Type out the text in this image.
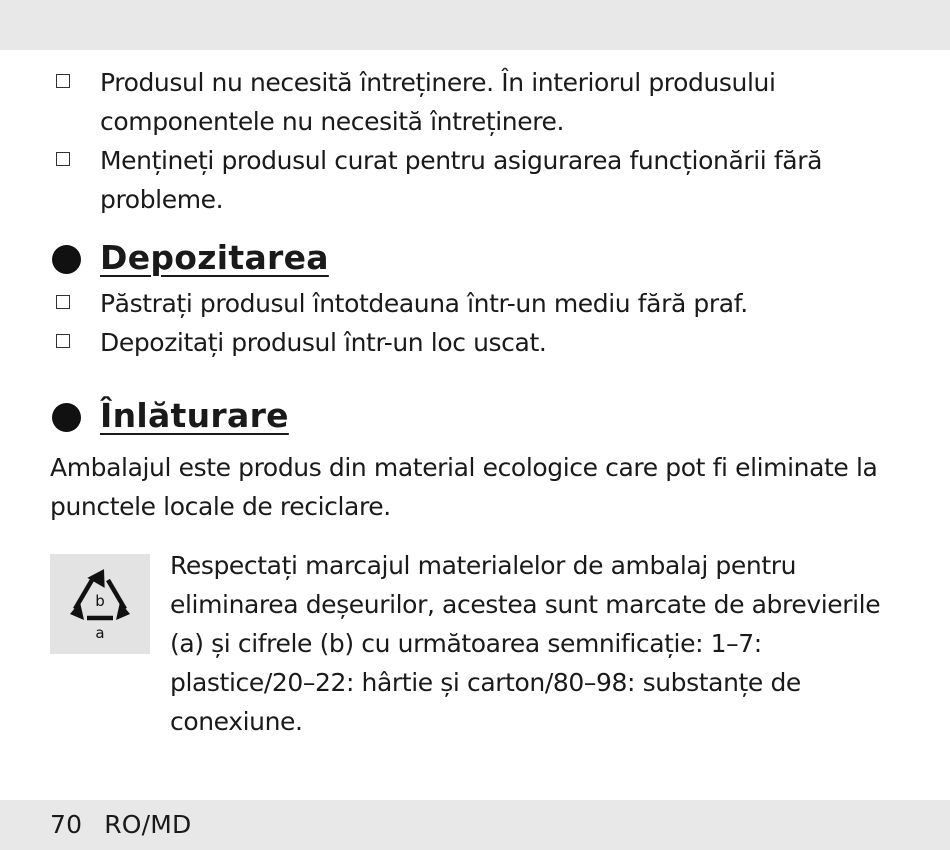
Produsul nu necesită întreținere. În interiorul produsului componentele nu necesită întreținere.
Mențineți produsul curat pentru asigurarea funcționării fără probleme.
Depozitarea
Păstrați produsul întotdeauna într-un mediu fără praf.
Depozitați produsul într-un loc uscat.
Înlăturare
Ambalajul este produs din material ecologice care pot fi eliminate la punctele locale de reciclare.
b
a
Respectați marcajul materialelor de ambalaj pentru eliminarea deșeurilor, acestea sunt marcate de abrevierile (a) și cifrele (b) cu următoarea semnificație: 1–7: plastice/20–22: hârtie și carton/80–98: substanțe de conexiune.
70 RO/MD
